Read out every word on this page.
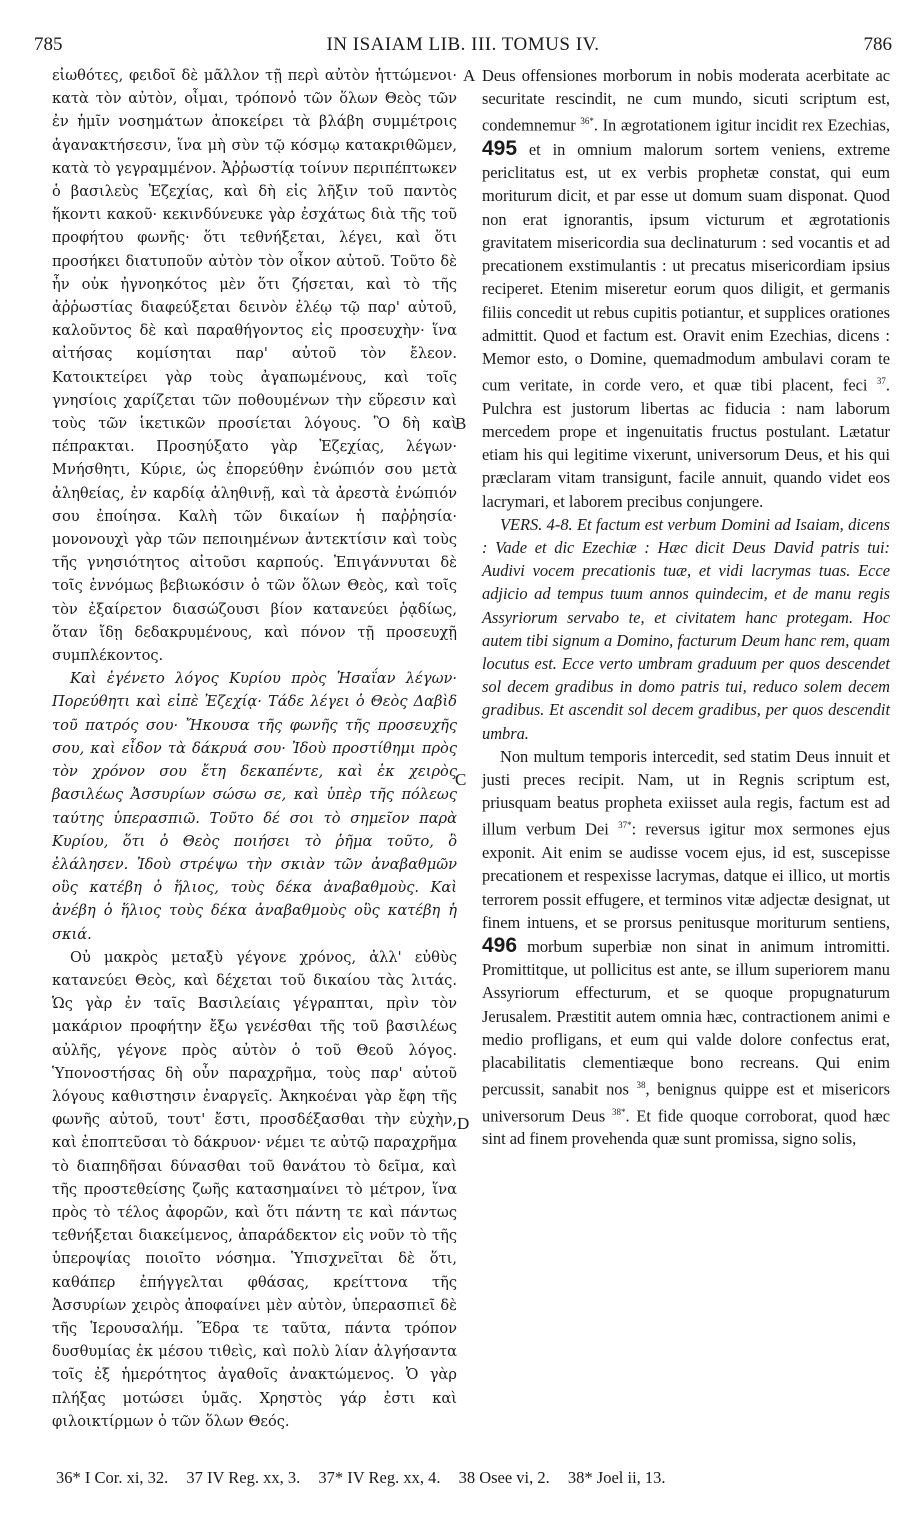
785	IN ISAIAM LIB. III. TOMUS IV.	786

εἰωθότες, φειδοῖ δὲ μᾶλλον τῇ περὶ αὐτὸν ἡττώμενοι· κατὰ τὸν αὐτὸν, οἶμαι, τρόπονὁ τῶν ὅλων Θεὸς τῶν ἐν ἡμῖν νοσημάτων ἀποκείρει τὰ βλάβη συμμέτροις ἀγανακτήσεσιν, ἵνα μὴ σὺν τῷ κόσμῳ κατακριθῶμεν, κατὰ τὸ γεγραμμένον. Ἀῤῥωστίᾳ τοίνυν περιπέπτωκεν ὁ βασιλεὺς Ἐζεχίας, καὶ δὴ εἰς λῆξιν τοῦ παντὸς ἥκοντι κακοῦ· κεκινδύνευκε γὰρ ἐσχάτως διὰ τῆς τοῦ προφήτου φωνῆς· ὅτι τεθνήξεται, λέγει, καὶ ὅτι προσήκει διατυποῦν αὐτὸν τὸν οἶκον αὐτοῦ. Τοῦτο δὲ ἦν οὐκ ἠγνοηκότος μὲν ὅτι ζήσεται, καὶ τὸ τῆς ἀῤῥωστίας διαφεύξεται δεινὸν ἐλέῳ τῷ παρ' αὐτοῦ, καλοῦντος δὲ καὶ παραθήγοντος εἰς προσευχὴν· ἵνα αἰτήσας κομίσηται παρ' αὐτοῦ τὸν ἔλεον. Κατοικτείρει γὰρ τοὺς ἀγαπωμένους, καὶ τοῖς γνησίοις χαρίζεται τῶν ποθουμένων τὴν εὕρεσιν καὶ τοὺς τῶν ἱκετικῶν προσίεται λόγους. Ὃ δὴ καὶ πέπρακται. Προσηύξατο γὰρ Ἐζεχίας, λέγων· Μνήσθητι, Κύριε, ὡς ἐπορεύθην ἐνώπιόν σου μετὰ ἀληθείας, ἐν καρδίᾳ ἀληθινῇ, καὶ τὰ ἀρεστὰ ἐνώπιόν σου ἐποίησα. Καλὴ τῶν δικαίων ἡ παῤῥησία· μονονουχὶ γὰρ τῶν πεποιημένων ἀντεκτίσιν καὶ τοὺς τῆς γνησιότητος αἰτοῦσι καρπούς. Ἐπιγάννυται δὲ τοῖς ἐννόμως βεβιωκόσιν ὁ τῶν ὅλων Θεὸς, καὶ τοῖς τὸν ἐξαίρετον διασώζουσι βίον κατανεύει ῥᾳδίως, ὅταν ἴδῃ δεδακρυμένους, καὶ πόνον τῇ προσευχῇ συμπλέκοντος.

Καὶ ἐγένετο λόγος Κυρίου πρὸς Ἡσαΐαν λέγων· Πορεύθητι καὶ εἰπὲ Ἐζεχίᾳ· Τάδε λέγει ὁ Θεὸς Δαβὶδ τοῦ πατρός σου· Ἤκουσα τῆς φωνῆς τῆς προσευχῆς σου, καὶ εἶδον τὰ δάκρυά σου· Ἰδοὺ προστίθημι πρὸς τὸν χρόνον σου ἔτη δεκαπέντε, καὶ ἐκ χειρὸς βασιλέως Ἀσσυρίων σώσω σε, καὶ ὑπὲρ τῆς πόλεως ταύτης ὑπερασπιῶ. Τοῦτο δέ σοι τὸ σημεῖον παρὰ Κυρίου, ὅτι ὁ Θεὸς ποιήσει τὸ ῥῆμα τοῦτο, ὃ ἐλάλησεν. Ἰδοὺ στρέψω τὴν σκιὰν τῶν ἀναβαθμῶν οὓς κατέβη ὁ ἥλιος, τοὺς δέκα ἀναβαθμοὺς. Καὶ ἀνέβη ὁ ἥλιος τοὺς δέκα ἀναβαθμοὺς οὓς κατέβη ἡ σκιά.

Οὐ μακρὸς μεταξὺ γέγονε χρόνος, ἀλλ' εὐθὺς κατανεύει Θεὸς, καὶ δέχεται τοῦ δικαίου τὰς λιτάς. Ὡς γὰρ ἐν ταῖς Βασιλείαις γέγραπται, πρὶν τὸν μακάριον προφήτην ἔξω γενέσθαι τῆς τοῦ βασιλέως αὐλῆς, γέγονε πρὸς αὐτὸν ὁ τοῦ Θεοῦ λόγος. Ὑπονοστήσας δὴ οὖν παραχρῆμα, τοὺς παρ' αὐτοῦ λόγους καθιστησιν ἐναργεῖς. Ἀκηκοέναι γὰρ ἔφη τῆς φωνῆς αὐτοῦ, τουτ' ἔστι, προσδέξασθαι τὴν εὐχὴν, καὶ ἐποπτεῦσαι τὸ δάκρυον· νέμει τε αὐτῷ παραχρῆμα τὸ διαπηδῆσαι δύνασθαι τοῦ θανάτου τὸ δεῖμα, καὶ τῆς προστεθείσης ζωῆς κατασημαίνει τὸ μέτρον, ἵνα πρὸς τὸ τέλος ἀφορῶν, καὶ ὅτι πάντη τε καὶ πάντως τεθνήξεται διακείμενος, ἀπαράδεκτον εἰς νοῦν τὸ τῆς ὑπεροψίας ποιοῖτο νόσημα. Ὑπισχνεῖται δὲ ὅτι, καθάπερ ἐπήγγελται φθάσας, κρείττονα τῆς Ἀσσυρίων χειρὸς ἀποφαίνει μὲν αὐτὸν, ὑπερασπιεῖ δὲ τῆς Ἱερουσαλήμ. Ἕδρα τε ταῦτα, πάντα τρόπον δυσθυμίας ἐκ μέσου τιθεὶς, καὶ πολὺ λίαν ἀλγήσαντα τοῖς ἐξ ἡμερότητος ἀγαθοῖς ἀνακτώμενος. Ὁ γὰρ πλήξας μοτώσει ὑμᾶς. Χρηστὸς γάρ ἐστι καὶ φιλοικτίρμων ὁ τῶν ὅλων Θεός.

A
B
C
D

Deus offensiones morborum in nobis moderata acerbitate ac securitate rescindit, ne cum mundo, sicuti scriptum est, condemnemur $^{36*}$. In ægrotationem igitur incidit rex Ezechias, 495 et in omnium malorum sortem veniens, extreme periclitatus est, ut ex verbis prophetæ constat, qui eum moriturum dicit, et par esse ut domum suam disponat. Quod non erat ignorantis, ipsum victurum et ægrotationis gravitatem misericordia sua declinaturum : sed vocantis et ad precationem exstimulantis : ut precatus misericordiam ipsius reciperet. Etenim miseretur eorum quos diligit, et germanis filiis concedit ut rebus cupitis potiantur, et supplices orationes admittit. Quod et factum est. Oravit enim Ezechias, dicens : Memor esto, o Domine, quemadmodum ambulavi coram te cum veritate, in corde vero, et quæ tibi placent, feci $^{37}$. Pulchra est justorum libertas ac fiducia : nam laborum mercedem prope et ingenuitatis fructus postulant. Lætatur etiam his qui legitime vixerunt, universorum Deus, et his qui præclaram vitam transigunt, facile annuit, quando videt eos lacrymari, et laborem precibus conjungere.

VERS. 4-8. Et factum est verbum Domini ad Isaiam, dicens : Vade et dic Ezechiæ : Hæc dicit Deus David patris tui: Audivi vocem precationis tuæ, et vidi lacrymas tuas. Ecce adjicio ad tempus tuum annos quindecim, et de manu regis Assyriorum servabo te, et civitatem hanc protegam. Hoc autem tibi signum a Domino, facturum Deum hanc rem, quam locutus est. Ecce verto umbram graduum per quos descendet sol decem gradibus in domo patris tui, reduco solem decem gradibus. Et ascendit sol decem gradibus, per quos descendit umbra.

Non multum temporis intercedit, sed statim Deus innuit et justi preces recipit. Nam, ut in Regnis scriptum est, priusquam beatus propheta exiisset aula regis, factum est ad illum verbum Dei $^{37*}$: reversus igitur mox sermones ejus exponit. Ait enim se audisse vocem ejus, id est, suscepisse precationem et respexisse lacrymas, datque ei illico, ut mortis terrorem possit effugere, et terminos vitæ adjectæ designat, ut finem intuens, et se prorsus penitusque moriturum sentiens, 496 morbum superbiæ non sinat in animum intromitti. Promittitque, ut pollicitus est ante, se illum superiorem manu Assyriorum effecturum, et se quoque propugnaturum Jerusalem. Præstitit autem omnia hæc, contractionem animi e medio profligans, et eum qui valde dolore confectus erat, placabilitatis clementiæque bono recreans. Qui enim percussit, sanabit nos $^{38}$, benignus quippe est et misericors universorum Deus $^{38*}$. Et fide quoque corroborat, quod hæc sint ad finem provehenda quæ sunt promissa, signo solis,

36* I Cor. xi, 32. 37 IV Reg. xx, 3. 37* IV Reg. xx, 4. 38 Osee vi, 2. 38* Joel ii, 13.
